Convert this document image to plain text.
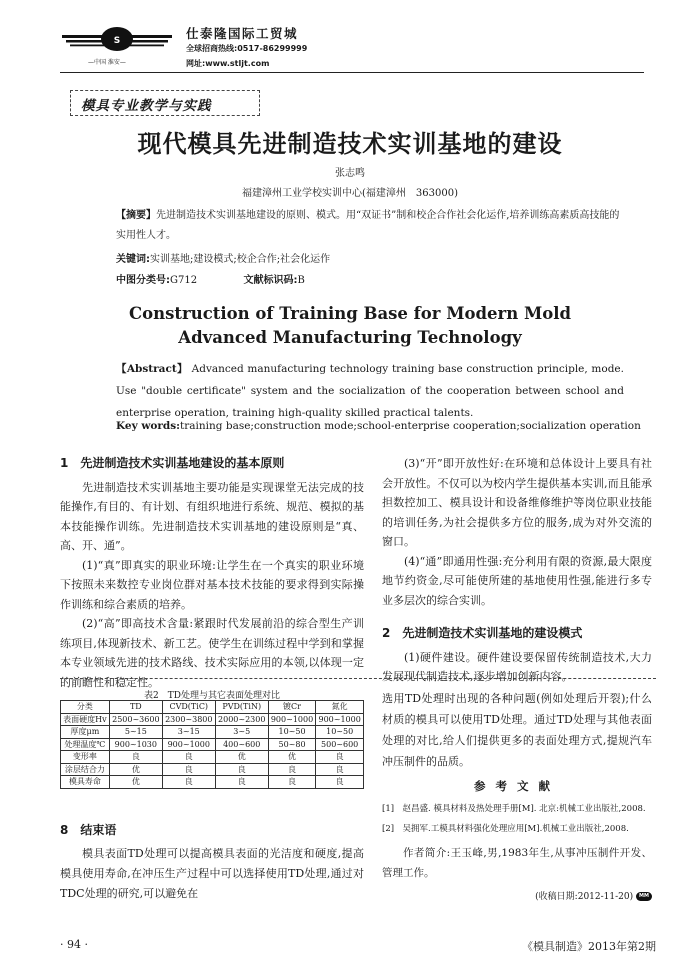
S
—中国 淮安—
仕泰隆国际工贸城
全球招商热线:0517-86299999
网址:www.stljt.com
模具专业教学与实践
现代模具先进制造技术实训基地的建设
张志鸣
福建漳州工业学校实训中心(福建漳州　363000)
【摘要】先进制造技术实训基地建设的原则、模式。用“双证书”制和校企合作社会化运作,培养训练高素质高技能的实用性人才。
关键词:实训基地;建设模式;校企合作;社会化运作
中图分类号:G712	文献标识码:B
Construction of Training Base for Modern Mold
Advanced Manufacturing Technology
【Abstract】 Advanced manufacturing technology training base construction principle, mode. Use "double certificate" system and the socialization of the cooperation between school and enterprise operation, training high-quality skilled practical talents.
Key words:training base;construction mode;school-enterprise cooperation;socialization operation
1　先进制造技术实训基地建设的基本原则

先进制造技术实训基地主要功能是实现课堂无法完成的技能操作,有目的、有计划、有组织地进行系统、规范、模拟的基本技能操作训练。先进制造技术实训基地的建设原则是“真、高、开、通”。

(1)“真”即真实的职业环境:让学生在一个真实的职业环境下按照未来数控专业岗位群对基本技术技能的要求得到实际操作训练和综合素质的培养。

(2)“高”即高技术含量:紧跟时代发展前沿的综合型生产训练项目,体现新技术、新工艺。使学生在训练过程中学到和掌握本专业领域先进的技术路线、技术实际应用的本领,以体现一定的前瞻性和稳定性。

(3)“开”即开放性好:在环境和总体设计上要具有社会开放性。不仅可以为校内学生提供基本实训,而且能承担数控加工、模具设计和设备维修维护等岗位职业技能的培训任务,为社会提供多方位的服务,成为对外交流的窗口。

(4)“通”即通用性强:充分利用有限的资源,最大限度地节约资金,尽可能使所建的基地使用性强,能进行多专业多层次的综合实训。

2　先进制造技术实训基地的建设模式

(1)硬件建设。硬件建设要保留传统制造技术,大力发展现代制造技术,逐步增加创新内容。

表2　TD处理与其它表面处理对比
分类	TD	CVD(TiC)	PVD(TiN)	镀Cr	氮化
表面硬度Hv	2500~3600	2300~3800	2000~2300	900~1000	900~1000
厚度μm	5~15	3~15	3~5	10~50	10~50
处理温度℃	900~1030	900~1000	400~600	50~80	500~600
变形率	良	良	优	优	良
涂层结合力	优	良	良	良	良
模具寿命	优	良	良	良	良
8　结束语

模具表面TD处理可以提高模具表面的光洁度和硬度,提高模具使用寿命,在冲压生产过程中可以选择使用TD处理,通过对TDC处理的研究,可以避免在

选用TD处理时出现的各种问题(例如处理后开裂);什么材质的模具可以使用TD处理。通过TD处理与其他表面处理的对比,给人们提供更多的表面处理方式,提规汽车冲压制件的品质。
参考文献
[1]　赵昌盛. 模具材料及热处理手册[M]. 北京:机械工业出版社,2008.
[2]　吴拥军.工模具材料强化处理应用[M].机械工业出版社,2008.
作者简介:王玉峰,男,1983年生,从事冲压制件开发、管理工作。
(收稿日期:2012-11-20) MM
· 94 ·	《模具制造》2013年第2期
